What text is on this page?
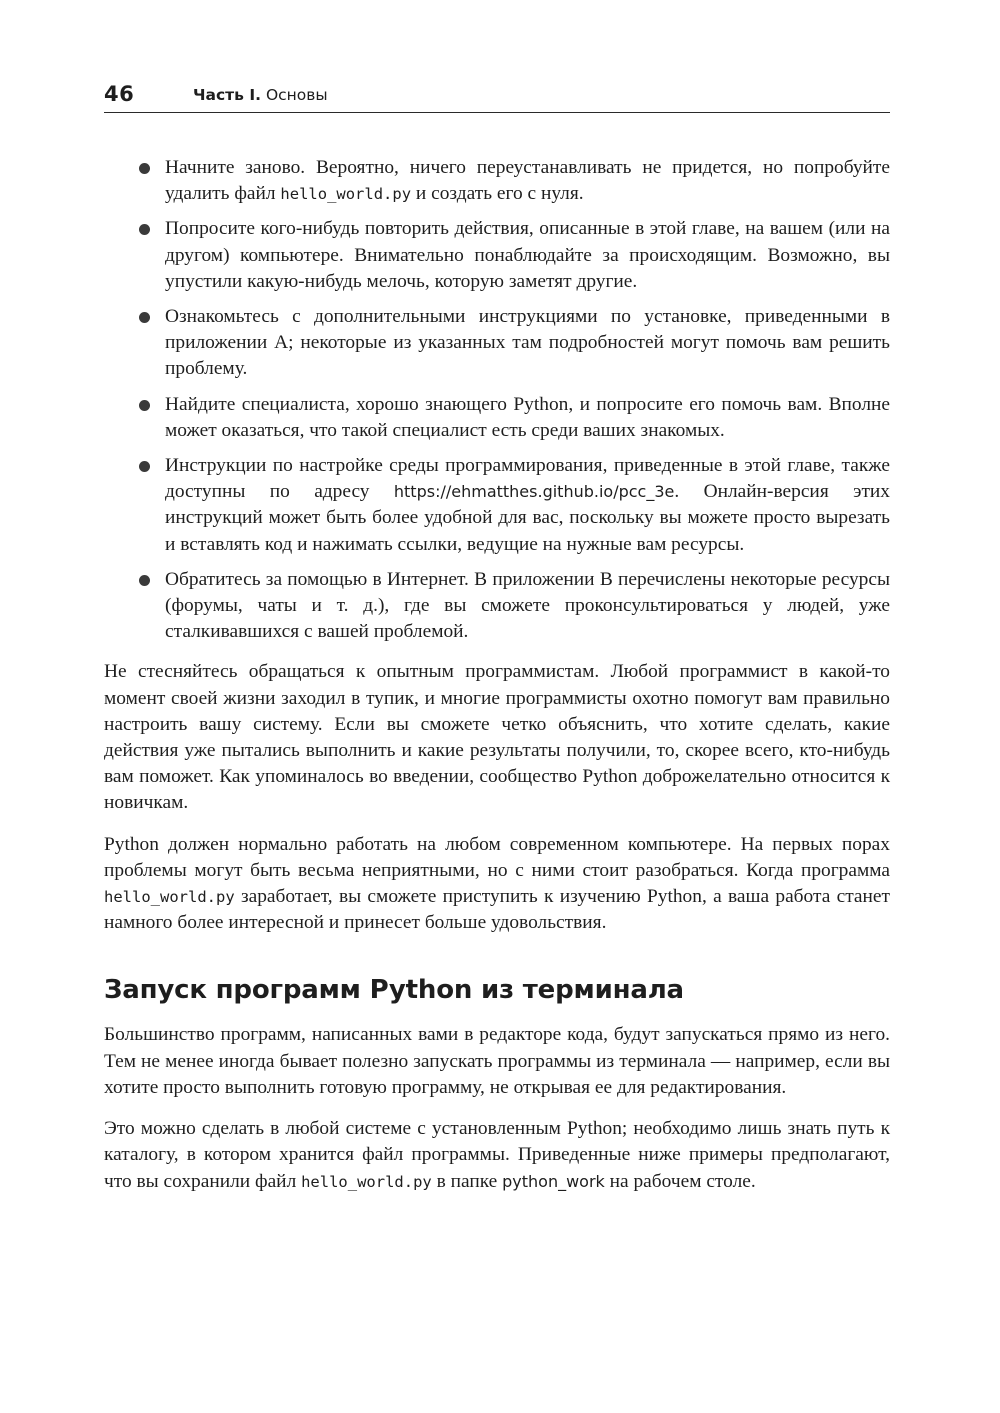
46	Часть I. Основы
Начните заново. Вероятно, ничего переустанавливать не придется, но попробуйте удалить файл hello_world.py и создать его с нуля.
Попросите кого-нибудь повторить действия, описанные в этой главе, на вашем (или на другом) компьютере. Внимательно понаблюдайте за происходящим. Возможно, вы упустили какую-нибудь мелочь, которую заметят другие.
Ознакомьтесь с дополнительными инструкциями по установке, приведенными в приложении А; некоторые из указанных там подробностей могут помочь вам решить проблему.
Найдите специалиста, хорошо знающего Python, и попросите его помочь вам. Вполне может оказаться, что такой специалист есть среди ваших знакомых.
Инструкции по настройке среды программирования, приведенные в этой главе, также доступны по адресу https://ehmatthes.github.io/pcc_3e. Онлайн-версия этих инструкций может быть более удобной для вас, поскольку вы можете просто вырезать и вставлять код и нажимать ссылки, ведущие на нужные вам ресурсы.
Обратитесь за помощью в Интернет. В приложении В перечислены некоторые ресурсы (форумы, чаты и т. д.), где вы сможете проконсультироваться у людей, уже сталкивавшихся с вашей проблемой.

Не стесняйтесь обращаться к опытным программистам. Любой программист в какой-то момент своей жизни заходил в тупик, и многие программисты охотно помогут вам правильно настроить вашу систему. Если вы сможете четко объяснить, что хотите сделать, какие действия уже пытались выполнить и какие результаты получили, то, скорее всего, кто-нибудь вам поможет. Как упоминалось во введении, сообщество Python доброжелательно относится к новичкам.

Python должен нормально работать на любом современном компьютере. На первых порах проблемы могут быть весьма неприятными, но с ними стоит разобраться. Когда программа hello_world.py заработает, вы сможете приступить к изучению Python, а ваша работа станет намного более интересной и принесет больше удовольствия.

Запуск программ Python из терминала

Большинство программ, написанных вами в редакторе кода, будут запускаться прямо из него. Тем не менее иногда бывает полезно запускать программы из терминала — например, если вы хотите просто выполнить готовую программу, не открывая ее для редактирования.

Это можно сделать в любой системе с установленным Python; необходимо лишь знать путь к каталогу, в котором хранится файл программы. Приведенные ниже примеры предполагают, что вы сохранили файл hello_world.py в папке python_work на рабочем столе.
